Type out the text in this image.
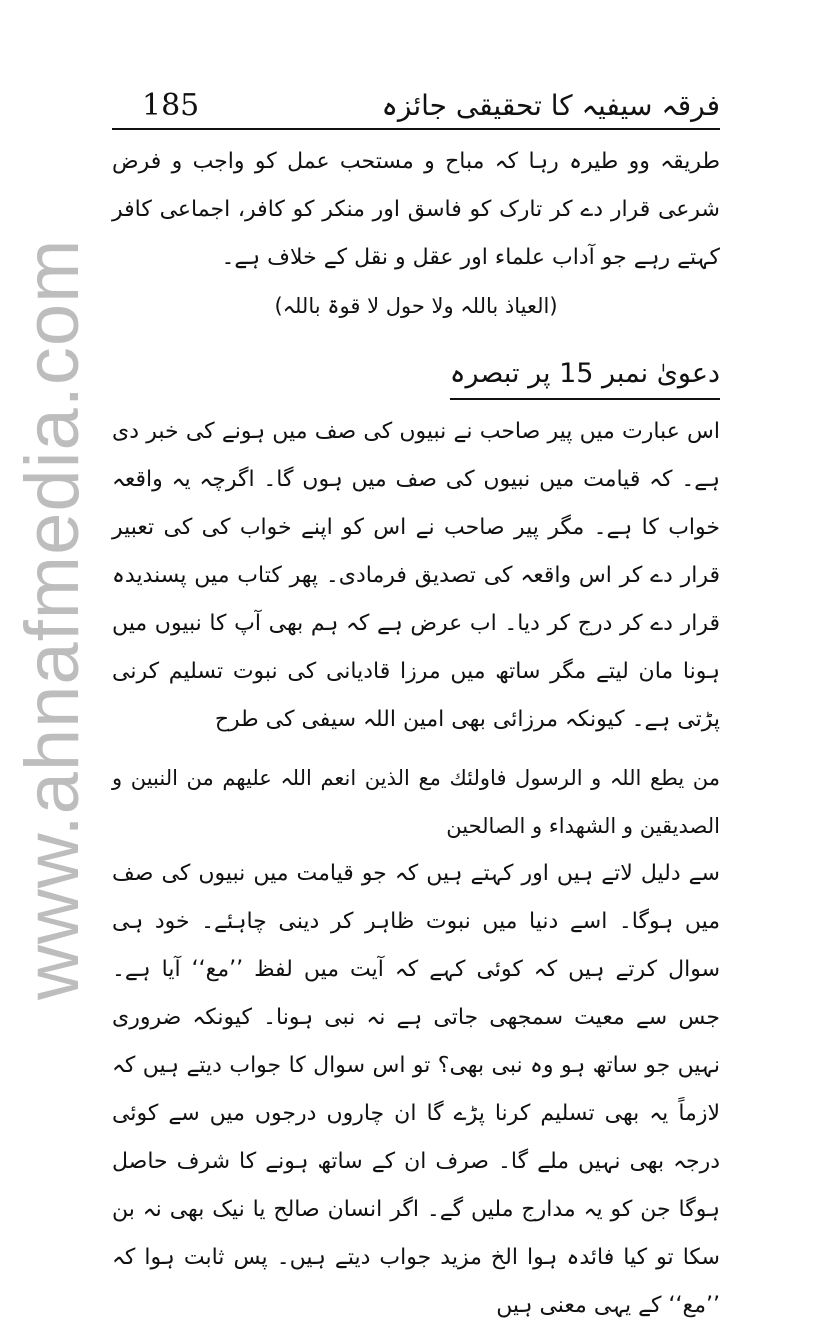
www.ahnafmedia.com
185	فرقہ سیفیہ کا تحقیقی جائزہ

طریقہ وو طیرہ رہا کہ مباح و مستحب عمل کو واجب و فرض شرعی قرار دے کر تارک کو فاسق اور منکر کو کافر، اجماعی کافر کہتے رہے جو آداب علماء اور عقل و نقل کے خلاف ہے۔

(العیاذ باللہ ولا حول لا قوۃ باللہ)

دعویٰ نمبر 15 پر تبصرہ

اس عبارت میں پیر صاحب نے نبیوں کی صف میں ہونے کی خبر دی ہے۔ کہ قیامت میں نبیوں کی صف میں ہوں گا۔ اگرچہ یہ واقعہ خواب کا ہے۔ مگر پیر صاحب نے اس کو اپنے خواب کی کی تعبیر قرار دے کر اس واقعہ کی تصدیق فرمادی۔ پھر کتاب میں پسندیدہ قرار دے کر درج کر دیا۔ اب عرض ہے کہ ہم بھی آپ کا نبیوں میں ہونا مان لیتے مگر ساتھ میں مرزا قادیانی کی نبوت تسلیم کرنی پڑتی ہے۔ کیونکہ مرزائی بھی امین اللہ سیفی کی طرح

من یطع اللہ و الرسول فاولئك مع الذین انعم اللہ علیهم من النبین و الصدیقین و الشهداء و الصالحین

سے دلیل لاتے ہیں اور کہتے ہیں کہ جو قیامت میں نبیوں کی صف میں ہوگا۔ اسے دنیا میں نبوت ظاہر کر دینی چاہئے۔ خود ہی سوال کرتے ہیں کہ کوئی کہے کہ آیت میں لفظ ’’مع‘‘ آیا ہے۔ جس سے معیت سمجھی جاتی ہے نہ نبی ہونا۔ کیونکہ ضروری نہیں جو ساتھ ہو وہ نبی بھی؟ تو اس سوال کا جواب دیتے ہیں کہ لازماً یہ بھی تسلیم کرنا پڑے گا ان چاروں درجوں میں سے کوئی درجہ بھی نہیں ملے گا۔ صرف ان کے ساتھ ہونے کا شرف حاصل ہوگا جن کو یہ مدارج ملیں گے۔ اگر انسان صالح یا نیک بھی نہ بن سکا تو کیا فائدہ ہوا الخ مزید جواب دیتے ہیں۔ پس ثابت ہوا کہ ’’مع‘‘ کے یہی معنی ہیں
